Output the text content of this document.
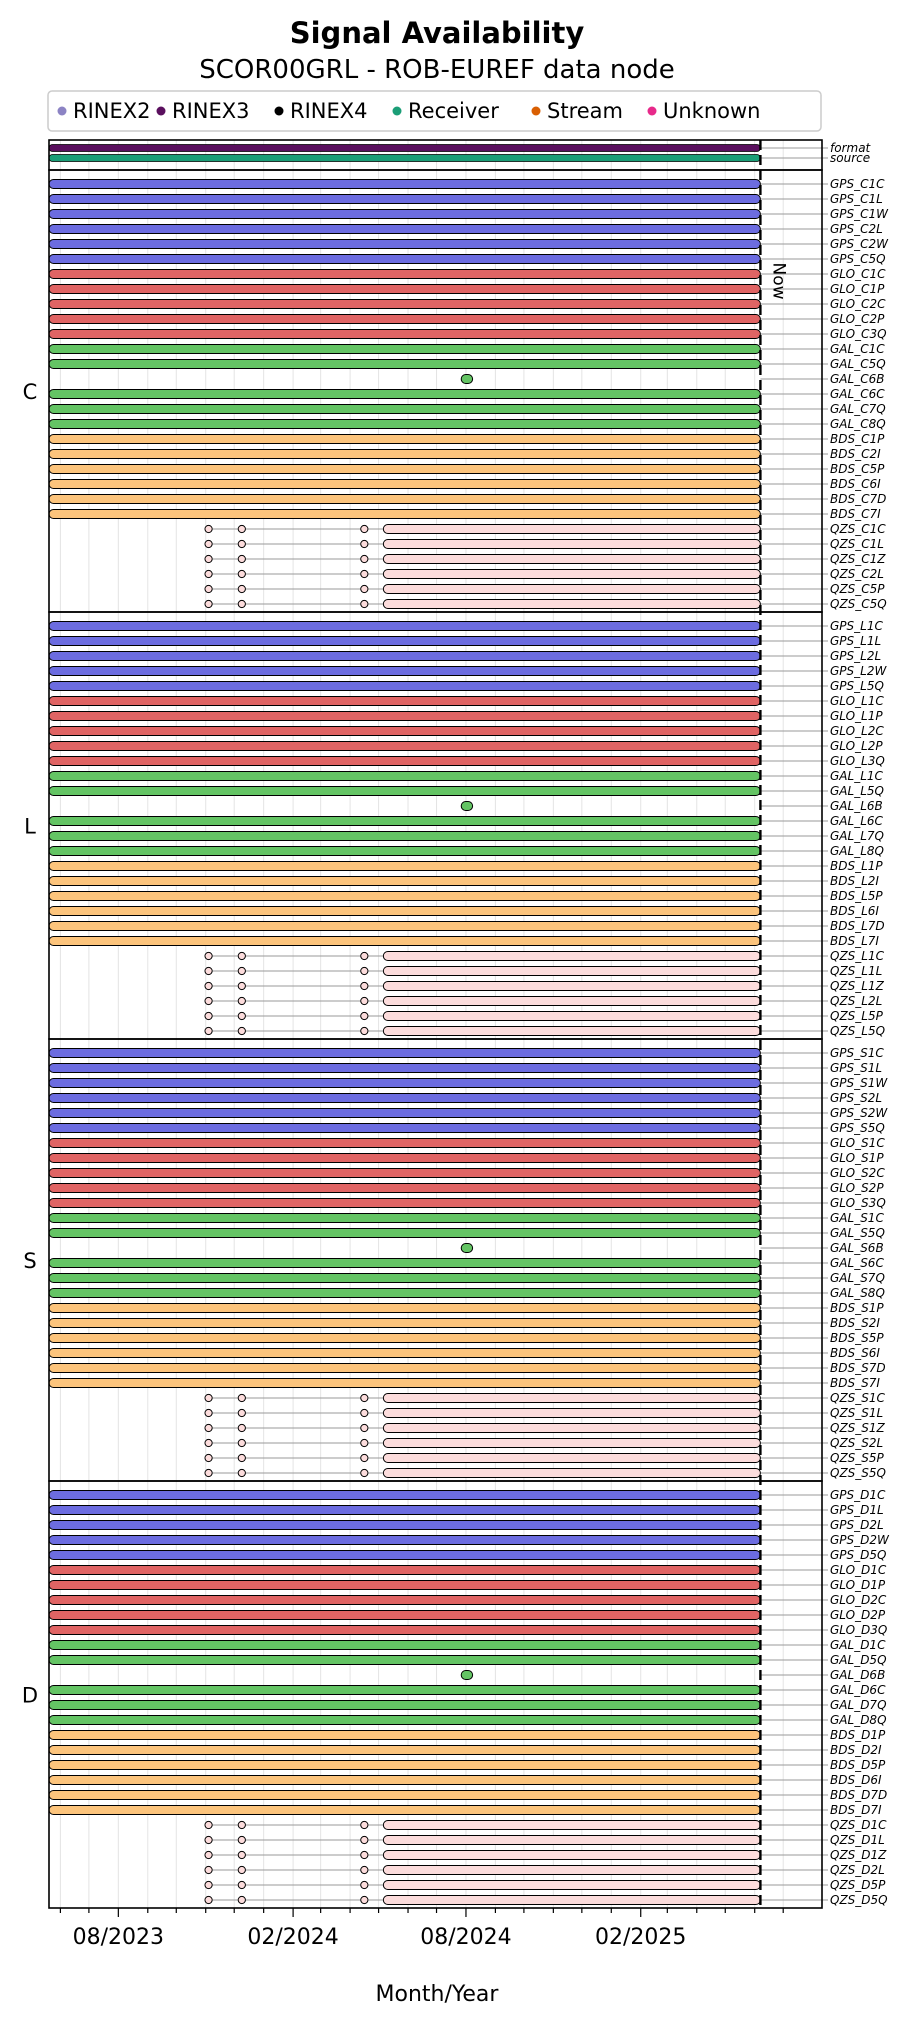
Signal Availability
SCOR00GRL - ROB-EUREF data node
RINEX2 RINEX3 RINEX4 Receiver Stream Unknown
Now
format
source
GPS_C1C
GPS_C1L
GPS_C1W
GPS_C2L
GPS_C2W
GPS_C5Q
GLO_C1C
GLO_C1P
GLO_C2C
GLO_C2P
GLO_C3Q
GAL_C1C
GAL_C5Q
GAL_C6B
GAL_C6C
GAL_C7Q
GAL_C8Q
BDS_C1P
BDS_C2I
BDS_C5P
BDS_C6I
BDS_C7D
BDS_C7I
QZS_C1C
QZS_C1L
QZS_C1Z
QZS_C2L
QZS_C5P
QZS_C5Q
C
GPS_L1C
GPS_L1L
GPS_L2L
GPS_L2W
GPS_L5Q
GLO_L1C
GLO_L1P
GLO_L2C
GLO_L2P
GLO_L3Q
GAL_L1C
GAL_L5Q
GAL_L6B
GAL_L6C
GAL_L7Q
GAL_L8Q
BDS_L1P
BDS_L2I
BDS_L5P
BDS_L6I
BDS_L7D
BDS_L7I
QZS_L1C
QZS_L1L
QZS_L1Z
QZS_L2L
QZS_L5P
QZS_L5Q
L
GPS_S1C
GPS_S1L
GPS_S1W
GPS_S2L
GPS_S2W
GPS_S5Q
GLO_S1C
GLO_S1P
GLO_S2C
GLO_S2P
GLO_S3Q
GAL_S1C
GAL_S5Q
GAL_S6B
GAL_S6C
GAL_S7Q
GAL_S8Q
BDS_S1P
BDS_S2I
BDS_S5P
BDS_S6I
BDS_S7D
BDS_S7I
QZS_S1C
QZS_S1L
QZS_S1Z
QZS_S2L
QZS_S5P
QZS_S5Q
S
GPS_D1C
GPS_D1L
GPS_D2L
GPS_D2W
GPS_D5Q
GLO_D1C
GLO_D1P
GLO_D2C
GLO_D2P
GLO_D3Q
GAL_D1C
GAL_D5Q
GAL_D6B
GAL_D6C
GAL_D7Q
GAL_D8Q
BDS_D1P
BDS_D2I
BDS_D5P
BDS_D6I
BDS_D7D
BDS_D7I
QZS_D1C
QZS_D1L
QZS_D1Z
QZS_D2L
QZS_D5P
QZS_D5Q
D
08/2023	02/2024	08/2024	02/2025
Month/Year
